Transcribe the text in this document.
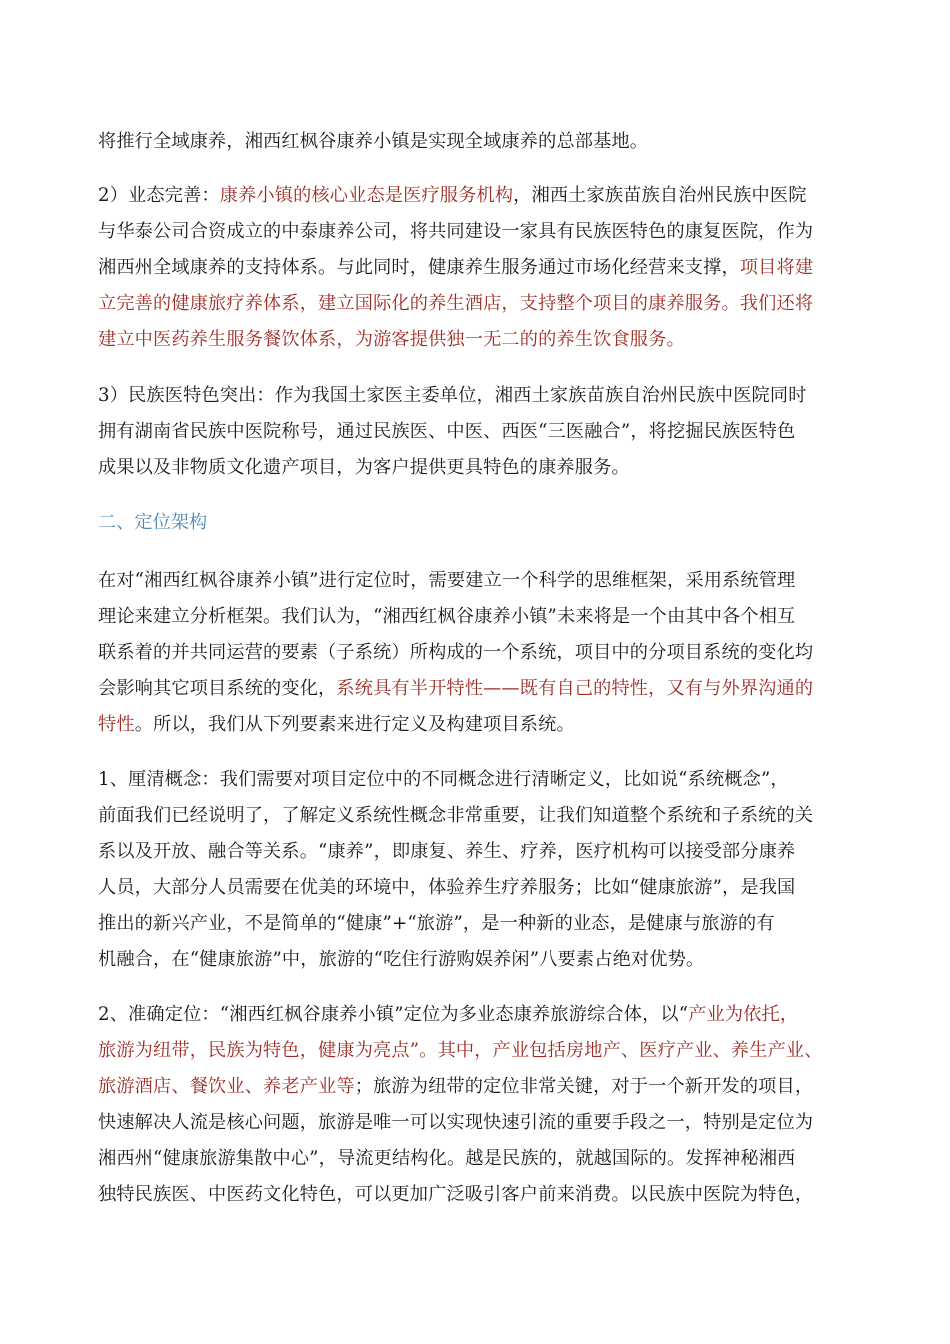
将推行全域康养，湘西红枫谷康养小镇是实现全域康养的总部基地。
2）业态完善：康养小镇的核心业态是医疗服务机构，湘西土家族苗族自治州民族中医院
与华泰公司合资成立的中泰康养公司，将共同建设一家具有民族医特色的康复医院，作为
湘西州全域康养的支持体系。与此同时，健康养生服务通过市场化经营来支撑，项目将建
立完善的健康旅疗养体系，建立国际化的养生酒店，支持整个项目的康养服务。我们还将
建立中医药养生服务餐饮体系，为游客提供独一无二的的养生饮食服务。
3）民族医特色突出：作为我国土家医主委单位，湘西土家族苗族自治州民族中医院同时
拥有湖南省民族中医院称号，通过民族医、中医、西医“三医融合”，将挖掘民族医特色
成果以及非物质文化遗产项目，为客户提供更具特色的康养服务。
二、定位架构
在对“湘西红枫谷康养小镇”进行定位时，需要建立一个科学的思维框架，采用系统管理
理论来建立分析框架。我们认为，“湘西红枫谷康养小镇”未来将是一个由其中各个相互
联系着的并共同运营的要素（子系统）所构成的一个系统，项目中的分项目系统的变化均
会影响其它项目系统的变化，系统具有半开特性——既有自己的特性，又有与外界沟通的
特性。所以，我们从下列要素来进行定义及构建项目系统。
1、厘清概念：我们需要对项目定位中的不同概念进行清晰定义，比如说“系统概念”，
前面我们已经说明了，了解定义系统性概念非常重要，让我们知道整个系统和子系统的关
系以及开放、融合等关系。“康养”，即康复、养生、疗养，医疗机构可以接受部分康养
人员，大部分人员需要在优美的环境中，体验养生疗养服务；比如“健康旅游”，是我国
推出的新兴产业，不是简单的“健康”+“旅游”，是一种新的业态，是健康与旅游的有
机融合，在“健康旅游”中，旅游的“吃住行游购娱养闲”八要素占绝对优势。
2、准确定位：“湘西红枫谷康养小镇”定位为多业态康养旅游综合体，以“产业为依托，
旅游为纽带，民族为特色，健康为亮点”。其中，产业包括房地产、医疗产业、养生产业、
旅游酒店、餐饮业、养老产业等；旅游为纽带的定位非常关键，对于一个新开发的项目，
快速解决人流是核心问题，旅游是唯一可以实现快速引流的重要手段之一，特别是定位为
湘西州“健康旅游集散中心”，导流更结构化。越是民族的，就越国际的。发挥神秘湘西
独特民族医、中医药文化特色，可以更加广泛吸引客户前来消费。以民族中医院为特色，
